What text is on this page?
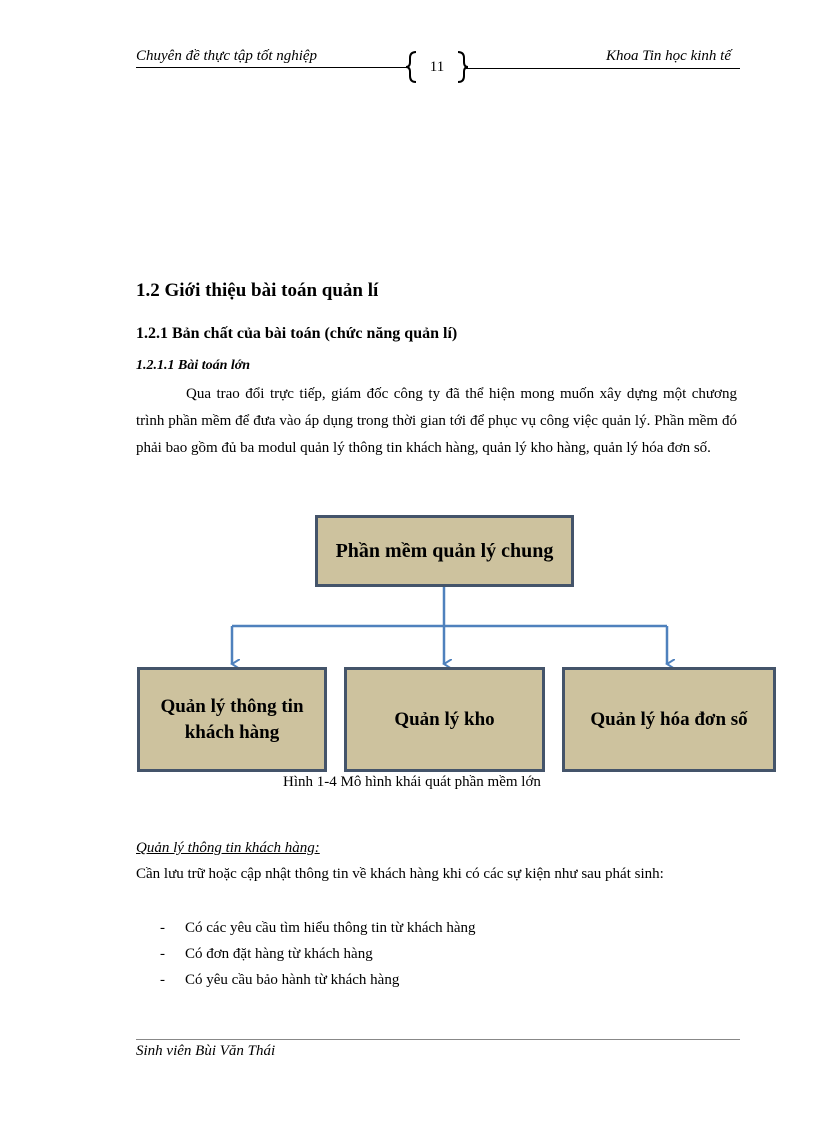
Chuyên đề thực tập tốt nghiệp
11
Khoa Tin học kinh tế
1.2 Giới thiệu bài toán quản lí
1.2.1 Bản chất của bài toán (chức năng quản lí)
1.2.1.1 Bài toán lớn
Qua trao đổi trực tiếp, giám đốc công ty đã thể hiện mong muốn xây dựng một chương trình phần mềm để đưa vào áp dụng trong thời gian tới để phục vụ công việc quản lý. Phần mềm đó phải bao gồm đủ ba modul quản lý thông tin khách hàng, quản lý kho hàng, quản lý hóa đơn số.
Phần mềm quản lý chung
Quản lý thông tin
khách hàng
Quản lý kho	Quản lý hóa đơn số
Hình 1-4 Mô hình khái quát phần mềm lớn
Quản lý thông tin khách hàng:
Cần lưu trữ hoặc cập nhật thông tin về khách hàng khi có các sự kiện như sau phát sinh:
-	Có các yêu cầu tìm hiểu thông tin từ khách hàng
-	Có đơn đặt hàng từ khách hàng
-	Có yêu cầu bảo hành từ khách hàng
Sinh viên Bùi Văn Thái
